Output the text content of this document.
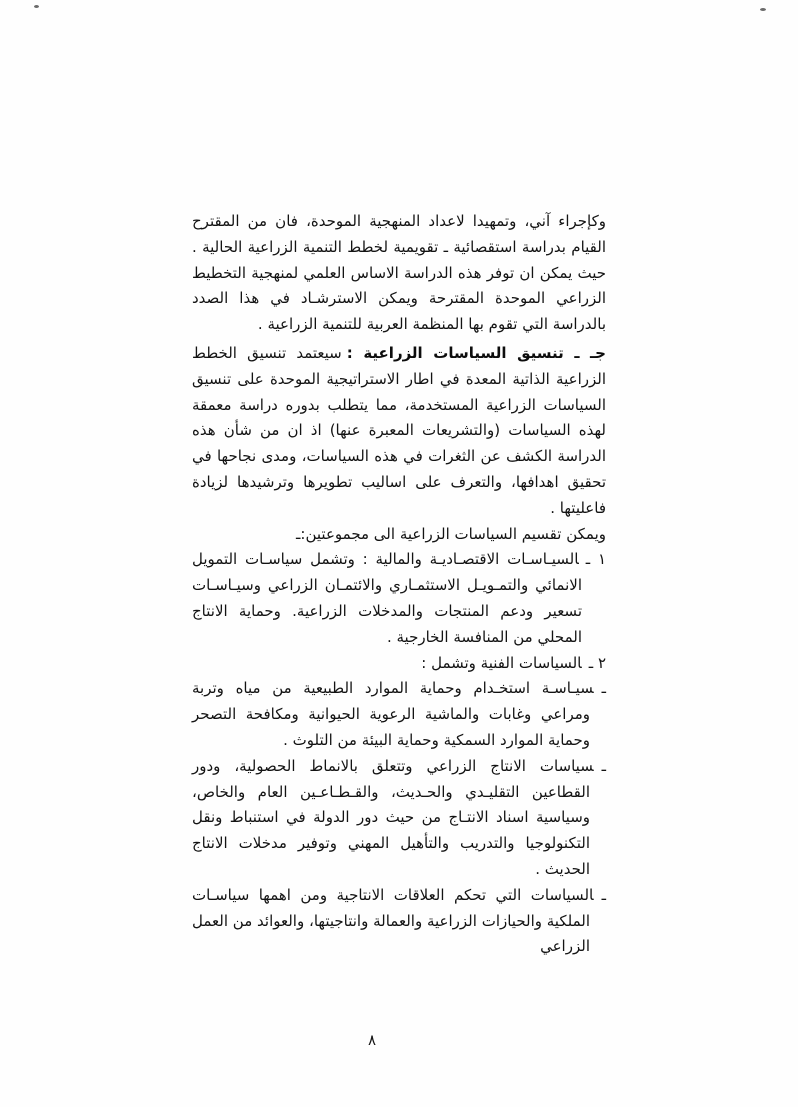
وكإجراء آني، وتمهيدا لاعداد المنهجية الموحدة، فان من المقترح القيام بدراسة استقصائية ـ تقويمية لخطط التنمية الزراعية الحالية . حيث يمكن ان توفر هذه الدراسة الاساس العلمي لمنهجية التخطيط الزراعي الموحدة المقترحة ويمكن الاسترشـاد في هذا الصدد بالدراسة التي تقوم بها المنظمة العربية للتنمية الزراعية .

جـ ـ تنسيق السياسات الزراعية :سيعتمد تنسيق الخطط الزراعية الذاتية المعدة في اطار الاستراتيجية الموحدة على تنسيق السياسات الزراعية المستخدمة، مما يتطلب بدوره دراسة معمقة لهذه السياسات (والتشريعات المعبرة عنها) اذ ان من شأن هذه الدراسة الكشف عن الثغرات في هذه السياسات، ومدى نجاحها في تحقيق اهدافها، والتعرف على اساليب تطويرها وترشيدها لزيادة فاعليتها .

ويمكن تقسيم السياسات الزراعية الى مجموعتين:ـ

١ ـالسيـاسـات الاقتصـاديـة والمالية : وتشمل سياسـات التمويل الانمائي والتمـويـل الاستثمـاري والائتمـان الزراعي وسيـاسـات تسعير ودعم المنتجات والمدخلات الزراعية. وحماية الانتاج المحلي من المنافسة الخارجية .

٢ ـالسياسات الفنية وتشمل :

ـسيـاسـة استخـدام وحماية الموارد الطبيعية من مياه وتربة ومراعي وغابات والماشية الرعوية الحيوانية ومكافحة التصحر وحماية الموارد السمكية وحماية البيئة من التلوث .

ـسياسات الانتاج الزراعي وتتعلق بالانماط الحصولية، ودور القطاعين التقليـدي والحـديث، والقـطـاعـين العام والخاص، وسياسية اسناد الانتـاج من حيث دور الدولة في استنباط ونقل التكنولوجيا والتدريب والتأهيل المهني وتوفير مدخلات الانتاج الحديث .

ـالسياسات التي تحكم العلاقات الانتاجية ومن اهمها سياسـات الملكية والحيازات الزراعية والعمالة وانتاجيتها، والعوائد من العمل الزراعي

٨
